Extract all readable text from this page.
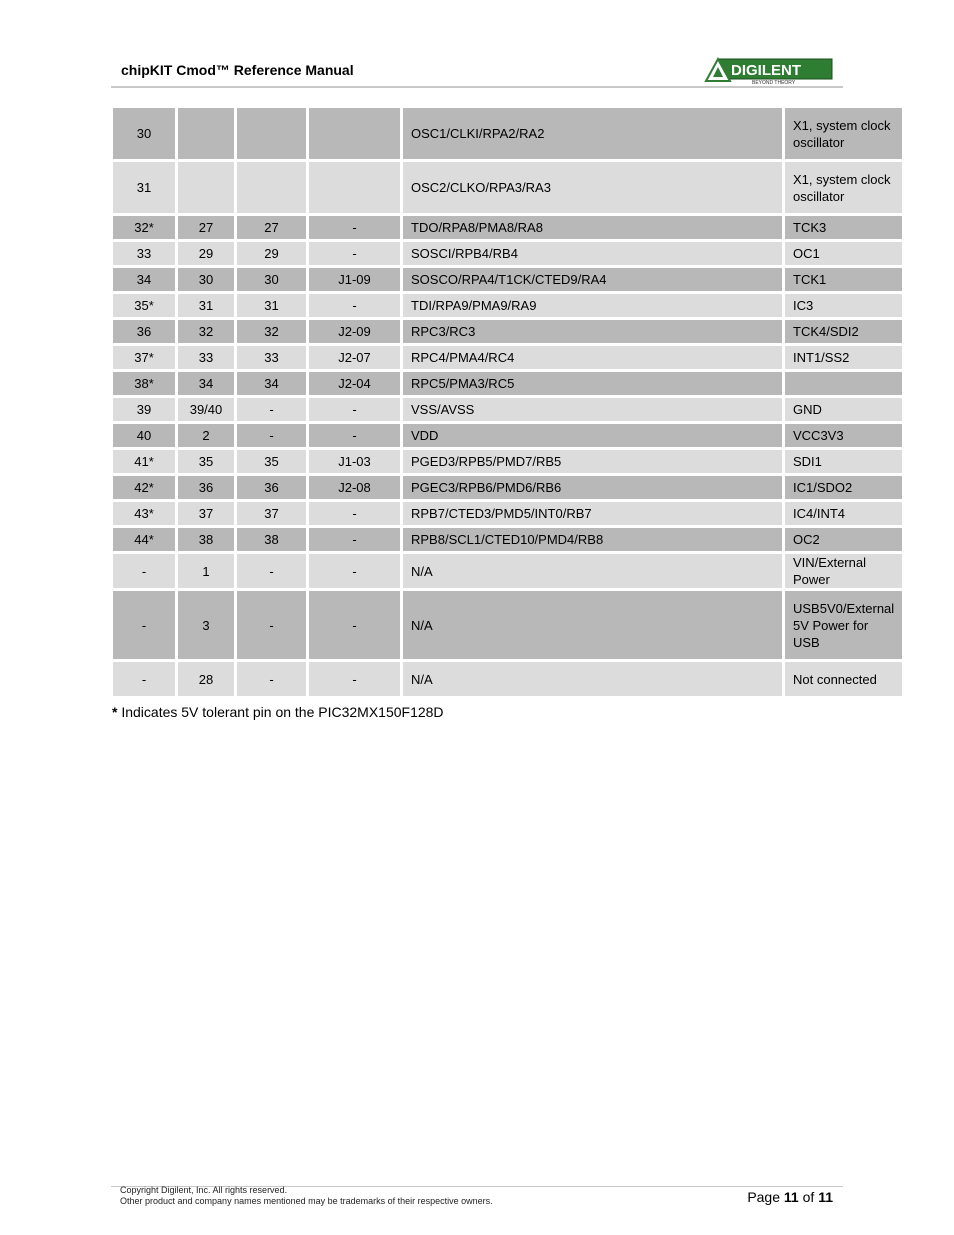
chipKIT Cmod™ Reference Manual	DIGILENT
BEYOND THEORY
30				OSC1/CLKI/RPA2/RA2	X1, system clock oscillator
31				OSC2/CLKO/RPA3/RA3	X1, system clock oscillator
32*	27	27	-	TDO/RPA8/PMA8/RA8	TCK3
33	29	29	-	SOSCI/RPB4/RB4	OC1
34	30	30	J1-09	SOSCO/RPA4/T1CK/CTED9/RA4	TCK1
35*	31	31	-	TDI/RPA9/PMA9/RA9	IC3
36	32	32	J2-09	RPC3/RC3	TCK4/SDI2
37*	33	33	J2-07	RPC4/PMA4/RC4	INT1/SS2
38*	34	34	J2-04	RPC5/PMA3/RC5	
39	39/40	-	-	VSS/AVSS	GND
40	2	-	-	VDD	VCC3V3
41*	35	35	J1-03	PGED3/RPB5/PMD7/RB5	SDI1
42*	36	36	J2-08	PGEC3/RPB6/PMD6/RB6	IC1/SDO2
43*	37	37	-	RPB7/CTED3/PMD5/INT0/RB7	IC4/INT4
44*	38	38	-	RPB8/SCL1/CTED10/PMD4/RB8	OC2
-	1	-	-	N/A	VIN/External Power
-	3	-	-	N/A	USB5V0/External 5V Power for USB
-	28	-	-	N/A	Not connected
* Indicates 5V tolerant pin on the PIC32MX150F128D
Copyright Digilent, Inc. All rights reserved.
Other product and company names mentioned may be trademarks of their respective owners.	Page 11 of 11
